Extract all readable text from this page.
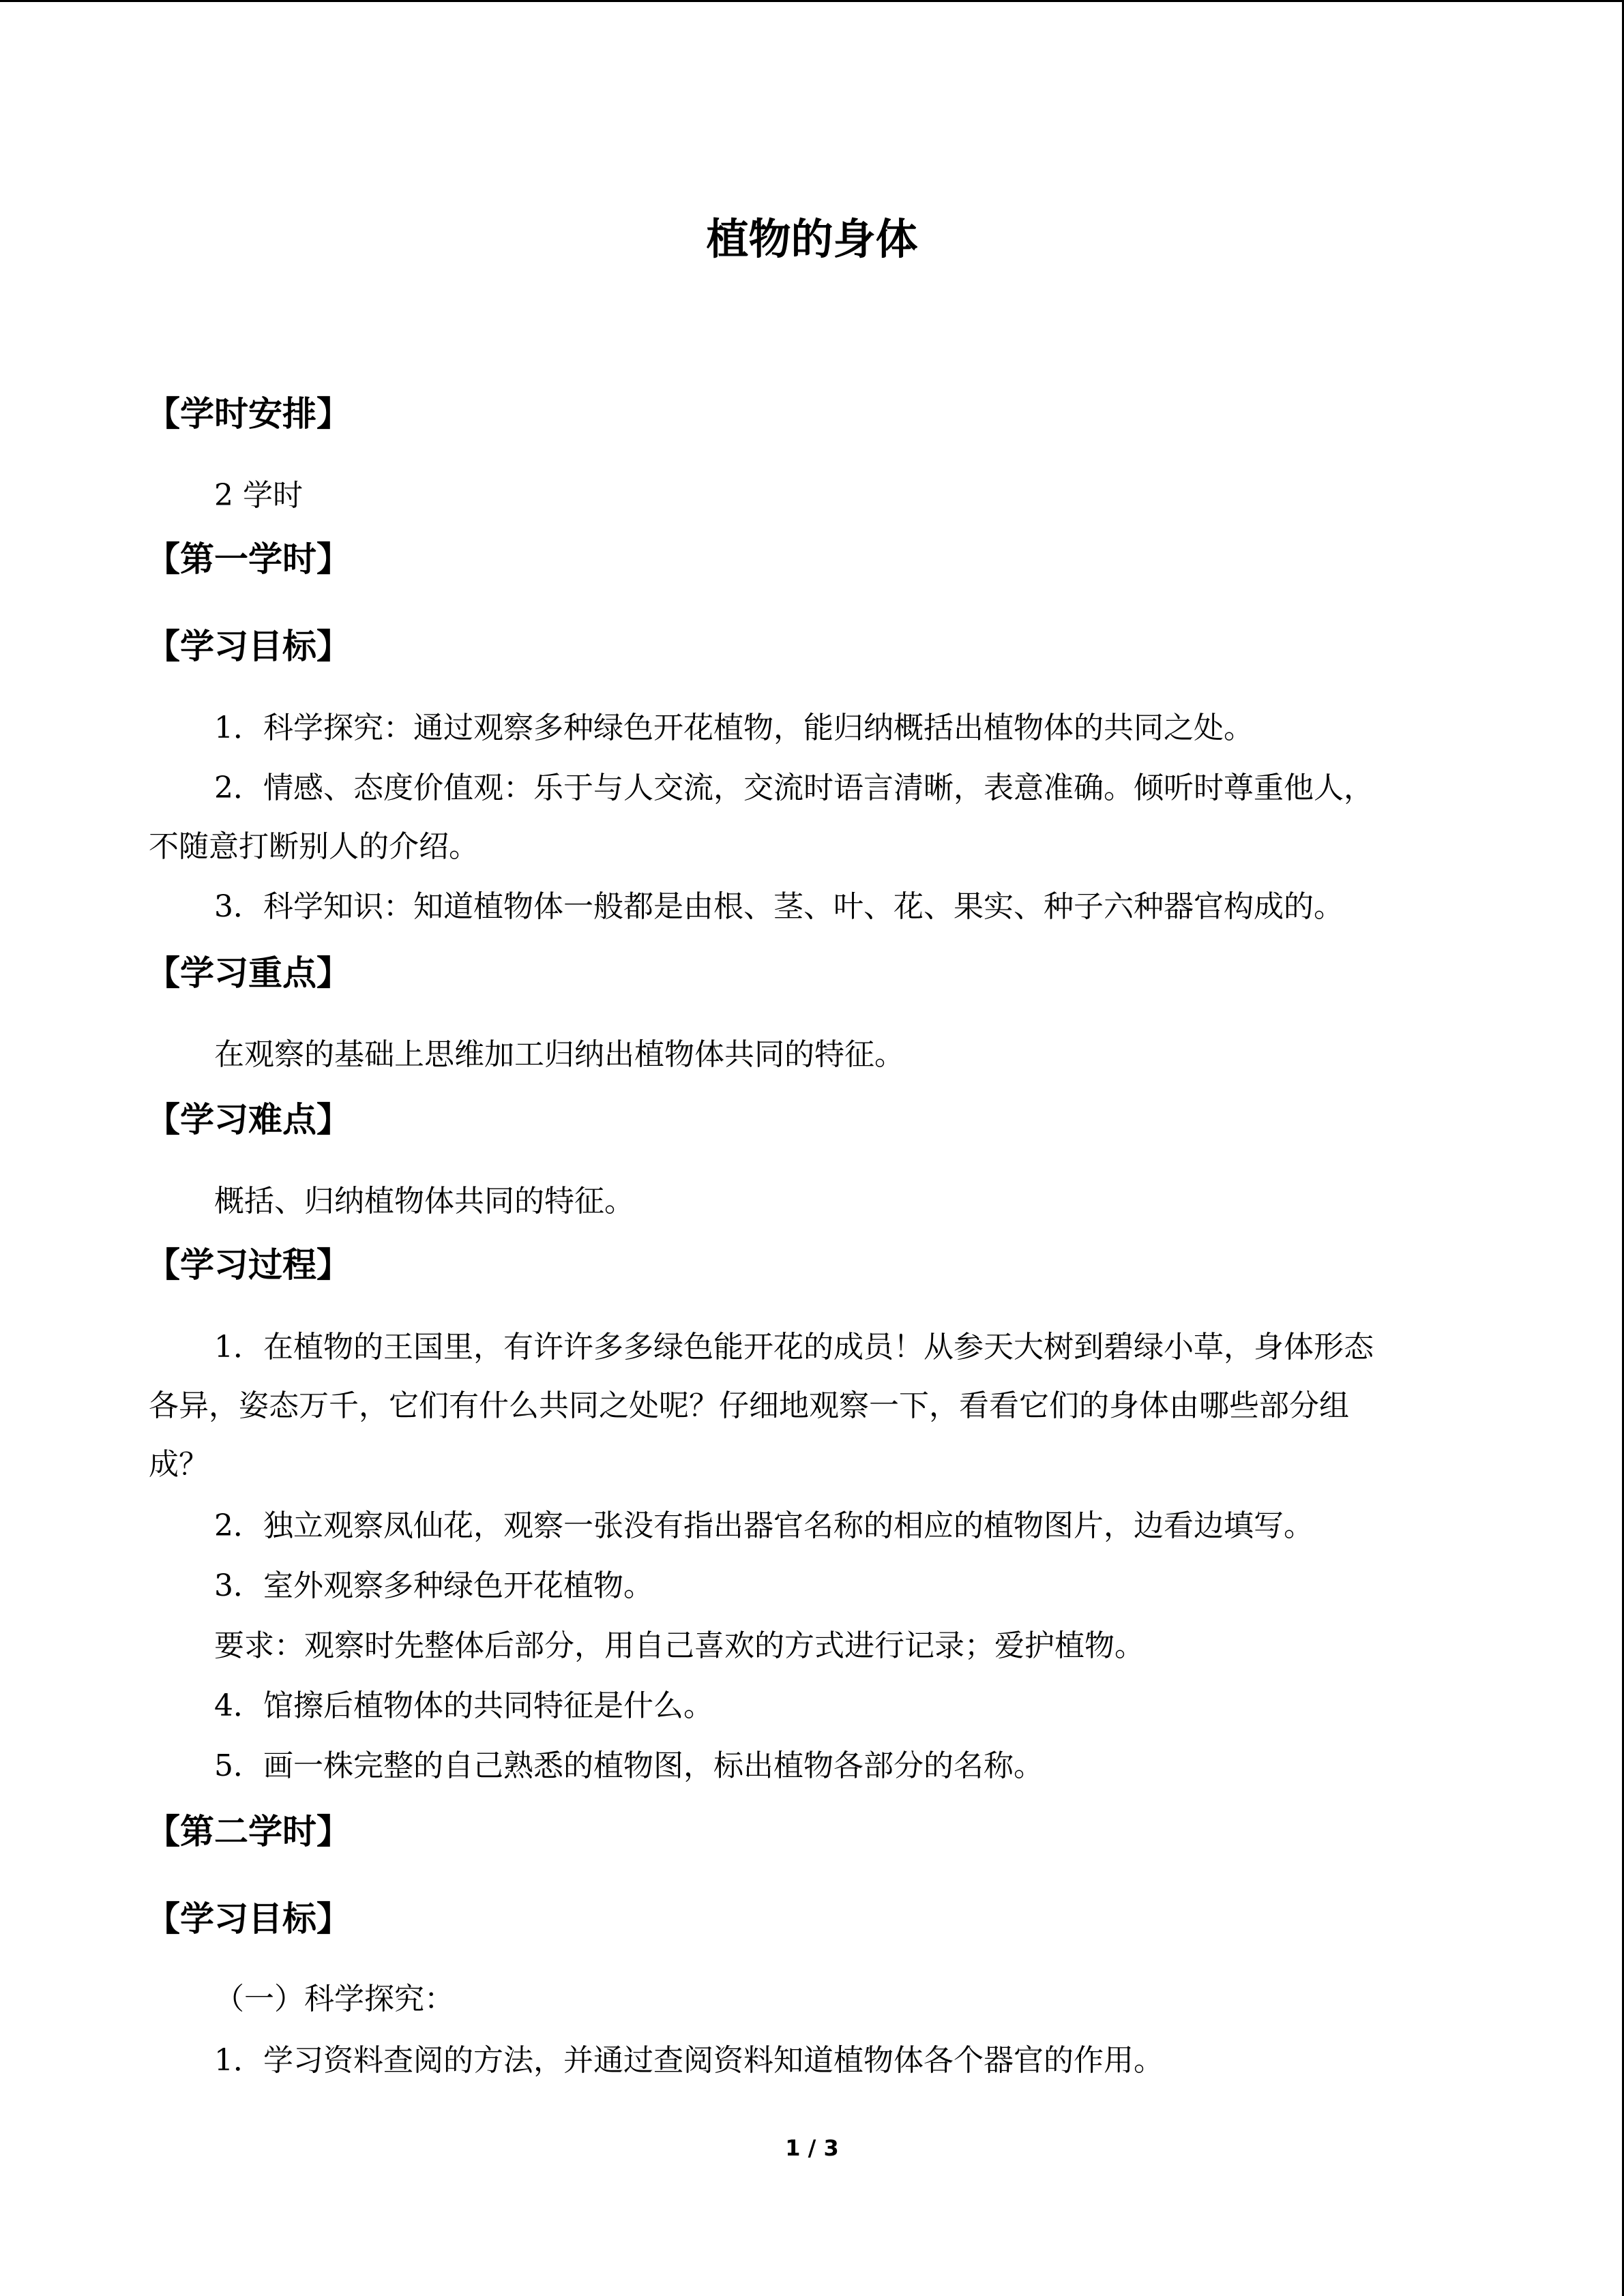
植物的身体
【学时安排】
2 学时
【第一学时】
【学习目标】
1．科学探究：通过观察多种绿色开花植物，能归纳概括出植物体的共同之处。
2．情感、态度价值观：乐于与人交流，交流时语言清晰，表意准确。倾听时尊重他人，
不随意打断别人的介绍。
3．科学知识：知道植物体一般都是由根、茎、叶、花、果实、种子六种器官构成的。
【学习重点】
在观察的基础上思维加工归纳出植物体共同的特征。
【学习难点】
概括、归纳植物体共同的特征。
【学习过程】
1．在植物的王国里，有许许多多绿色能开花的成员！从参天大树到碧绿小草，身体形态
各异，姿态万千，它们有什么共同之处呢？仔细地观察一下，看看它们的身体由哪些部分组
成？
2．独立观察凤仙花，观察一张没有指出器官名称的相应的植物图片，边看边填写。
3．室外观察多种绿色开花植物。
要求：观察时先整体后部分，用自己喜欢的方式进行记录；爱护植物。
4．馆擦后植物体的共同特征是什么。
5．画一株完整的自己熟悉的植物图，标出植物各部分的名称。
【第二学时】
【学习目标】
（一）科学探究：
1．学习资料查阅的方法，并通过查阅资料知道植物体各个器官的作用。
1 / 3
